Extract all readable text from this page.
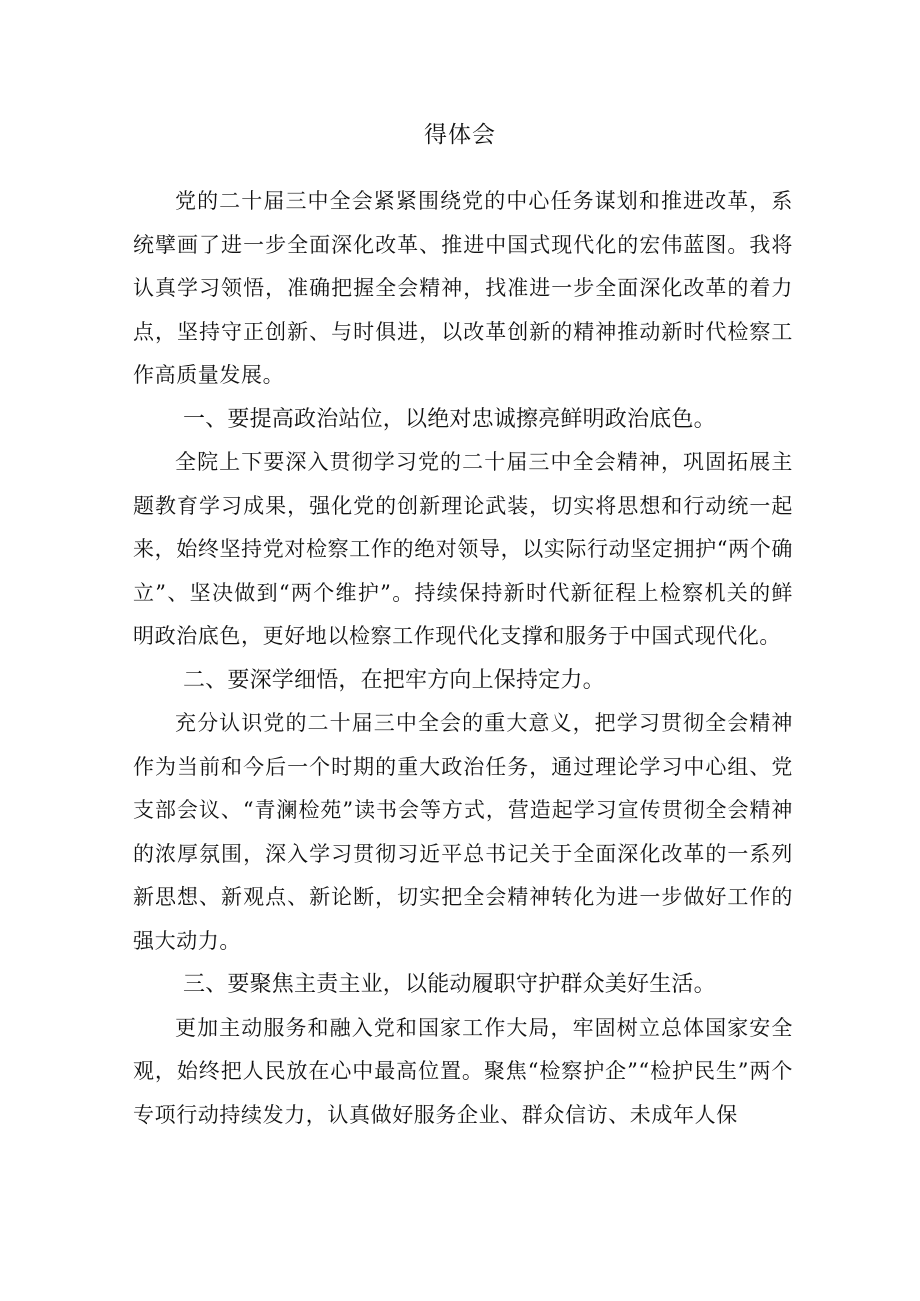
得体会

党的二十届三中全会紧紧围绕党的中心任务谋划和推进改革，系统擘画了进一步全面深化改革、推进中国式现代化的宏伟蓝图。我将认真学习领悟，准确把握全会精神，找准进一步全面深化改革的着力点，坚持守正创新、与时俱进，以改革创新的精神推动新时代检察工作高质量发展。

一、要提高政治站位，以绝对忠诚擦亮鲜明政治底色。

全院上下要深入贯彻学习党的二十届三中全会精神，巩固拓展主题教育学习成果，强化党的创新理论武装，切实将思想和行动统一起来，始终坚持党对检察工作的绝对领导，以实际行动坚定拥护“两个确立”、坚决做到“两个维护”。持续保持新时代新征程上检察机关的鲜明政治底色，更好地以检察工作现代化支撑和服务于中国式现代化。

二、要深学细悟，在把牢方向上保持定力。

充分认识党的二十届三中全会的重大意义，把学习贯彻全会精神作为当前和今后一个时期的重大政治任务，通过理论学习中心组、党支部会议、“青澜检苑”读书会等方式，营造起学习宣传贯彻全会精神的浓厚氛围，深入学习贯彻习近平总书记关于全面深化改革的一系列新思想、新观点、新论断，切实把全会精神转化为进一步做好工作的强大动力。

三、要聚焦主责主业，以能动履职守护群众美好生活。

更加主动服务和融入党和国家工作大局，牢固树立总体国家安全观，始终把人民放在心中最高位置。聚焦“检察护企”“检护民生”两个专项行动持续发力，认真做好服务企业、群众信访、未成年人保
